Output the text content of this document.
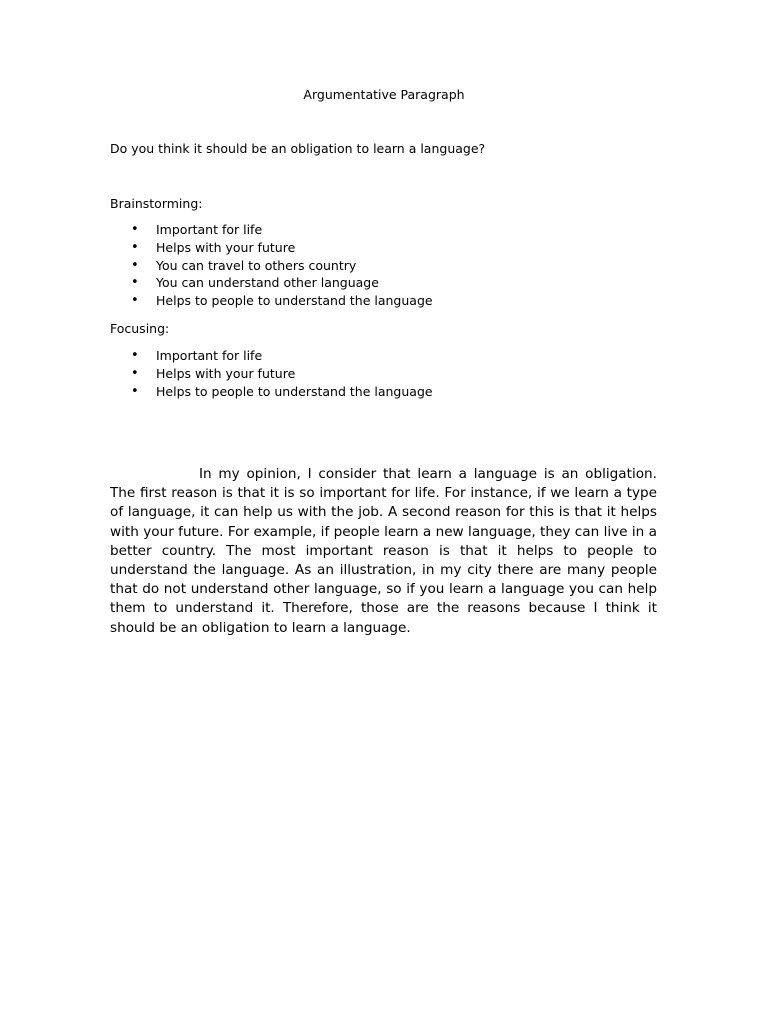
Argumentative Paragraph
Do you think it should be an obligation to learn a language?
Brainstorming:
• Important for life
• Helps with your future
• You can travel to others country
• You can understand other language
• Helps to people to understand the language
Focusing:
• Important for life
• Helps with your future
• Helps to people to understand the language

In my opinion, I consider that learn a language is an obligation. The first reason is that it is so important for life. For instance, if we learn a type of language, it can help us with the job. A second reason for this is that it helps with your future. For example, if people learn a new language, they can live in a better country. The most important reason is that it helps to people to understand the language. As an illustration, in my city there are many people that do not understand other language, so if you learn a language you can help them to understand it. Therefore, those are the reasons because I think it should be an obligation to learn a language.
